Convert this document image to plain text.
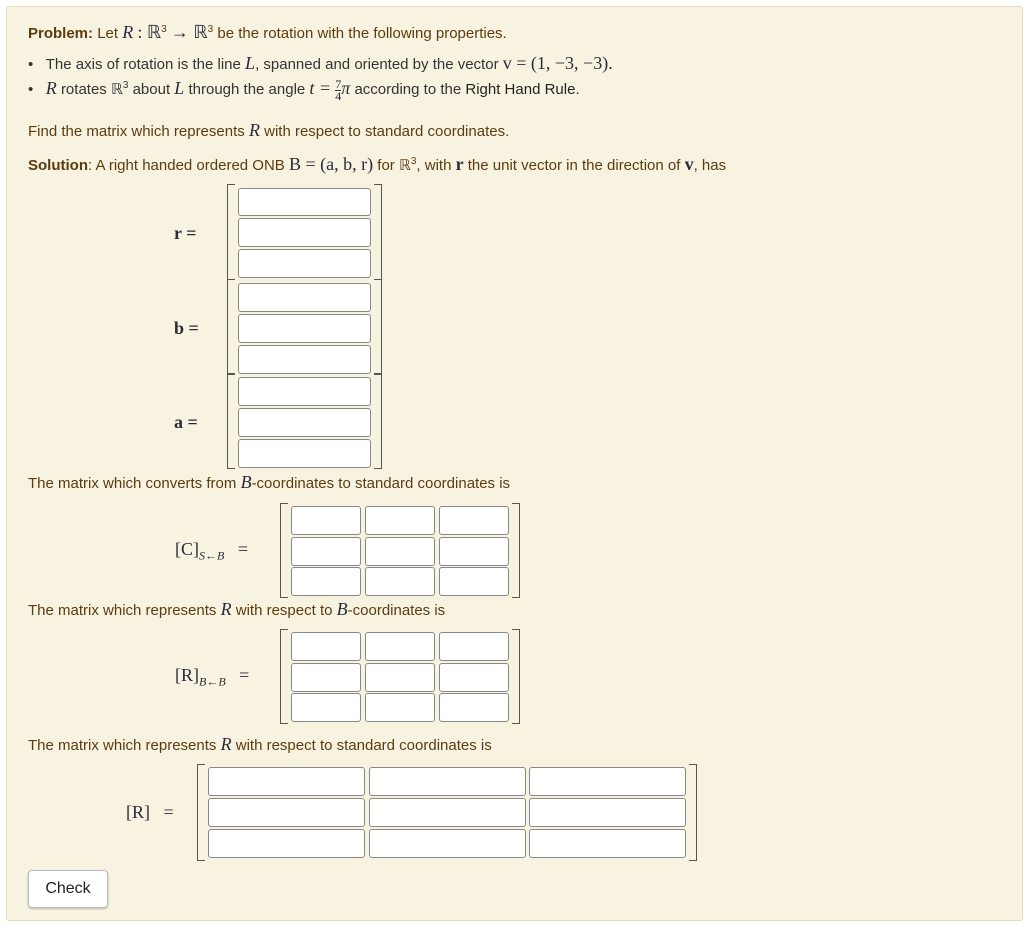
Problem: Let R : ℝ$^3$ → ℝ$^3$ be the rotation with the following properties.
•   The axis of rotation is the line L, spanned and oriented by the vector v = (1, −3, −3).
•   R rotates ℝ$^3$ about L through the angle $t = \frac{7}{4}$ π according to the Right Hand Rule.
Find the matrix which represents R with respect to standard coordinates.
Solution: A right handed ordered ONB B = (a, b, r) for ℝ$^3$, with r the unit vector in the direction of v, has
r =
b =
a =
The matrix which converts from B-coordinates to standard coordinates is
$[C]_{S\leftarrow B}$ =
The matrix which represents R with respect to B-coordinates is
$[R]_{B\leftarrow B}$ =
The matrix which represents R with respect to standard coordinates is
[R] =
Check
